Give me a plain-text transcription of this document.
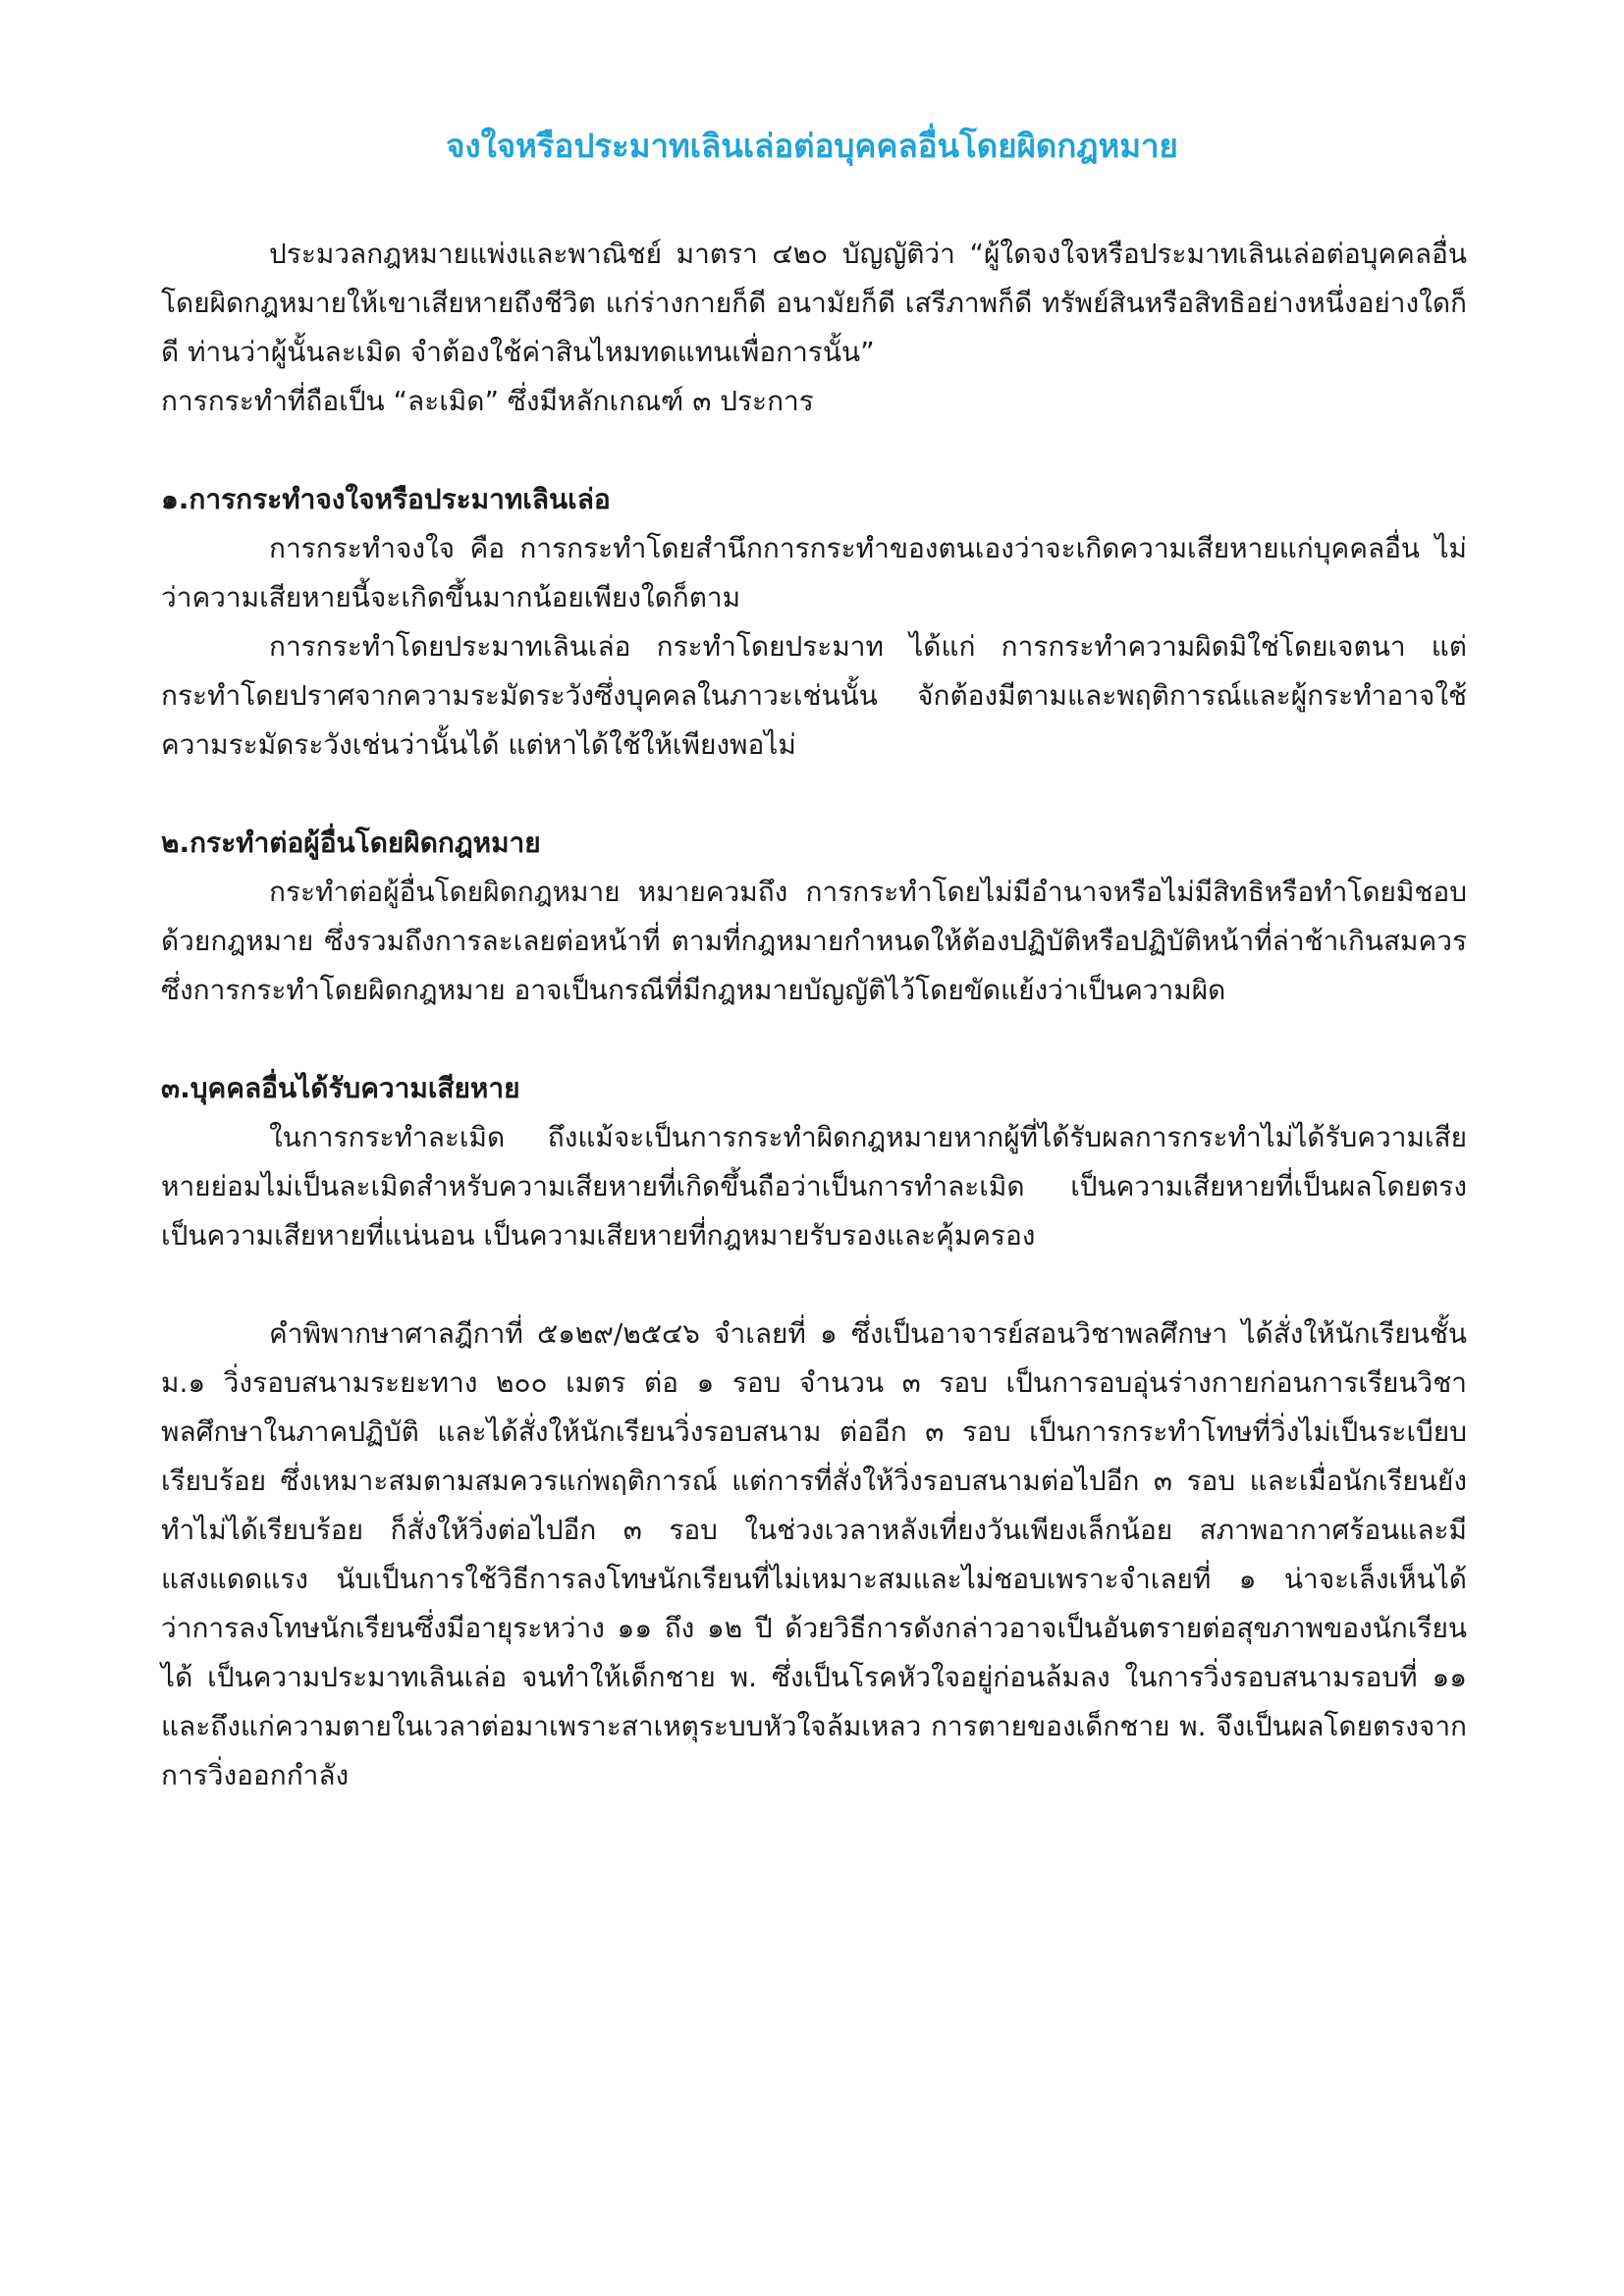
จงใจหรือประมาทเลินเล่อต่อบุคคลอื่นโดยผิดกฎหมาย

ประมวลกฎหมายแพ่งและพาณิชย์ มาตรา ๔๒๐ บัญญัติว่า “ผู้ใดจงใจหรือประมาทเลินเล่อต่อบุคคลอื่นโดยผิดกฎหมายให้เขาเสียหายถึงชีวิต แก่ร่างกายก็ดี อนามัยก็ดี เสรีภาพก็ดี ทรัพย์สินหรือสิทธิอย่างหนึ่งอย่างใดก็ดี ท่านว่าผู้นั้นละเมิด จำต้องใช้ค่าสินไหมทดแทนเพื่อการนั้น”

การกระทำที่ถือเป็น “ละเมิด” ซึ่งมีหลักเกณฑ์ ๓ ประการ

๑.การกระทำจงใจหรือประมาทเลินเล่อ

การกระทำจงใจ คือ การกระทำโดยสำนึกการกระทำของตนเองว่าจะเกิดความเสียหายแก่บุคคลอื่น ไม่ว่าความเสียหายนี้จะเกิดขึ้นมากน้อยเพียงใดก็ตาม

การกระทำโดยประมาทเลินเล่อ กระทำโดยประมาท ได้แก่ การกระทำความผิดมิใช่โดยเจตนา แต่กระทำโดยปราศจากความระมัดระวังซึ่งบุคคลในภาวะเช่นนั้น จักต้องมีตามและพฤติการณ์และผู้กระทำอาจใช้ความระมัดระวังเช่นว่านั้นได้ แต่หาได้ใช้ให้เพียงพอไม่

๒.กระทำต่อผู้อื่นโดยผิดกฎหมาย

กระทำต่อผู้อื่นโดยผิดกฎหมาย หมายควมถึง การกระทำโดยไม่มีอำนาจหรือไม่มีสิทธิหรือทำโดยมิชอบด้วยกฎหมาย ซึ่งรวมถึงการละเลยต่อหน้าที่ ตามที่กฎหมายกำหนดให้ต้องปฏิบัติหรือปฏิบัติหน้าที่ล่าช้าเกินสมควร ซึ่งการกระทำโดยผิดกฎหมาย อาจเป็นกรณีที่มีกฎหมายบัญญัติไว้โดยขัดแย้งว่าเป็นความผิด

๓.บุคคลอื่นได้รับความเสียหาย

ในการกระทำละเมิด ถึงแม้จะเป็นการกระทำผิดกฎหมายหากผู้ที่ได้รับผลการกระทำไม่ได้รับความเสียหายย่อมไม่เป็นละเมิดสำหรับความเสียหายที่เกิดขึ้นถือว่าเป็นการทำละเมิด เป็นความเสียหายที่เป็นผลโดยตรง เป็นความเสียหายที่แน่นอน เป็นความเสียหายที่กฎหมายรับรองและคุ้มครอง

คำพิพากษาศาลฎีกาที่ ๕๑๒๙/๒๕๔๖ จำเลยที่ ๑ ซึ่งเป็นอาจารย์สอนวิชาพลศึกษา ได้สั่งให้นักเรียนชั้น ม.๑ วิ่งรอบสนามระยะทาง ๒๐๐ เมตร ต่อ ๑ รอบ จำนวน ๓ รอบ เป็นการอบอุ่นร่างกายก่อนการเรียนวิชาพลศึกษาในภาคปฏิบัติ และได้สั่งให้นักเรียนวิ่งรอบสนาม ต่ออีก ๓ รอบ เป็นการกระทำโทษที่วิ่งไม่เป็นระเบียบเรียบร้อย ซึ่งเหมาะสมตามสมควรแก่พฤติการณ์ แต่การที่สั่งให้วิ่งรอบสนามต่อไปอีก ๓ รอบ และเมื่อนักเรียนยังทำไม่ได้เรียบร้อย ก็สั่งให้วิ่งต่อไปอีก ๓ รอบ ในช่วงเวลาหลังเที่ยงวันเพียงเล็กน้อย สภาพอากาศร้อนและมีแสงแดดแรง นับเป็นการใช้วิธีการลงโทษนักเรียนที่ไม่เหมาะสมและไม่ชอบเพราะจำเลยที่ ๑ น่าจะเล็งเห็นได้ว่าการลงโทษนักเรียนซึ่งมีอายุระหว่าง ๑๑ ถึง ๑๒ ปี ด้วยวิธีการดังกล่าวอาจเป็นอันตรายต่อสุขภาพของนักเรียนได้ เป็นความประมาทเลินเล่อ จนทำให้เด็กชาย พ. ซึ่งเป็นโรคหัวใจอยู่ก่อนล้มลง ในการวิ่งรอบสนามรอบที่ ๑๑ และถึงแก่ความตายในเวลาต่อมาเพราะสาเหตุระบบหัวใจล้มเหลว การตายของเด็กชาย พ. จึงเป็นผลโดยตรงจากการวิ่งออกกำลัง
